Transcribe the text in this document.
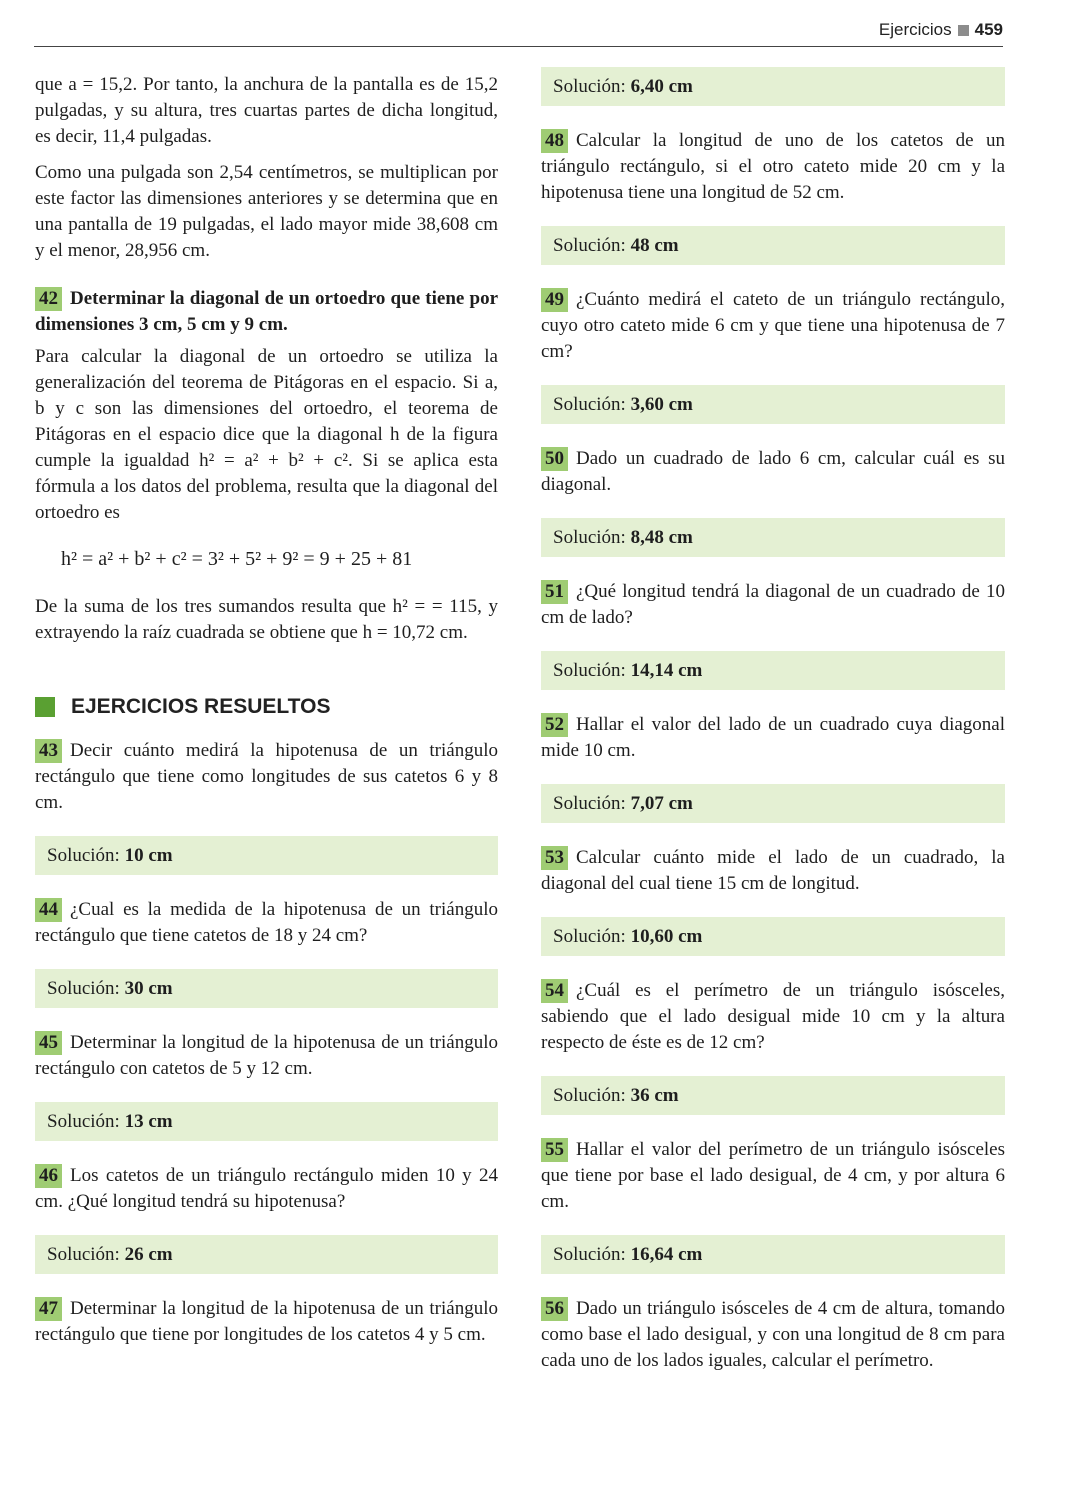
Ejercicios 459

que a = 15,2. Por tanto, la anchura de la pantalla es de 15,2 pulgadas, y su altura, tres cuartas partes de dicha longitud, es decir, 11,4 pulgadas.

Como una pulgada son 2,54 centímetros, se multiplican por este factor las dimensiones anteriores y se determina que en una pantalla de 19 pulgadas, el lado mayor mide 38,608 cm y el menor, 28,956 cm.

42 Determinar la diagonal de un ortoedro que tiene por dimensiones 3 cm, 5 cm y 9 cm.

Para calcular la diagonal de un ortoedro se utiliza la generalización del teorema de Pitágoras en el espacio. Si a, b y c son las dimensiones del ortoedro, el teorema de Pitágoras en el espacio dice que la diagonal h de la figura cumple la igualdad h² = a² + b² + c². Si se aplica esta fórmula a los datos del problema, resulta que la diagonal del ortoedro es

h² = a² + b² + c² = 3² + 5² + 9² = 9 + 25 + 81

De la suma de los tres sumandos resulta que h² = = 115, y extrayendo la raíz cuadrada se obtiene que h = 10,72 cm.

EJERCICIOS RESUELTOS

43 Decir cuánto medirá la hipotenusa de un triángulo rectángulo que tiene como longitudes de sus catetos 6 y 8 cm.

Solución: 10 cm

44 ¿Cual es la medida de la hipotenusa de un triángulo rectángulo que tiene catetos de 18 y 24 cm?

Solución: 30 cm

45 Determinar la longitud de la hipotenusa de un triángulo rectángulo con catetos de 5 y 12 cm.

Solución: 13 cm

46 Los catetos de un triángulo rectángulo miden 10 y 24 cm. ¿Qué longitud tendrá su hipotenusa?

Solución: 26 cm

47 Determinar la longitud de la hipotenusa de un triángulo rectángulo que tiene por longitudes de los catetos 4 y 5 cm.

Solución: 6,40 cm

48 Calcular la longitud de uno de los catetos de un triángulo rectángulo, si el otro cateto mide 20 cm y la hipotenusa tiene una longitud de 52 cm.

Solución: 48 cm

49 ¿Cuánto medirá el cateto de un triángulo rectángulo, cuyo otro cateto mide 6 cm y que tiene una hipotenusa de 7 cm?

Solución: 3,60 cm

50 Dado un cuadrado de lado 6 cm, calcular cuál es su diagonal.

Solución: 8,48 cm

51 ¿Qué longitud tendrá la diagonal de un cuadrado de 10 cm de lado?

Solución: 14,14 cm

52 Hallar el valor del lado de un cuadrado cuya diagonal mide 10 cm.

Solución: 7,07 cm

53 Calcular cuánto mide el lado de un cuadrado, la diagonal del cual tiene 15 cm de longitud.

Solución: 10,60 cm

54 ¿Cuál es el perímetro de un triángulo isósceles, sabiendo que el lado desigual mide 10 cm y la altura respecto de éste es de 12 cm?

Solución: 36 cm

55 Hallar el valor del perímetro de un triángulo isósceles que tiene por base el lado desigual, de 4 cm, y por altura 6 cm.

Solución: 16,64 cm

56 Dado un triángulo isósceles de 4 cm de altura, tomando como base el lado desigual, y con una longitud de 8 cm para cada uno de los lados iguales, calcular el perímetro.
